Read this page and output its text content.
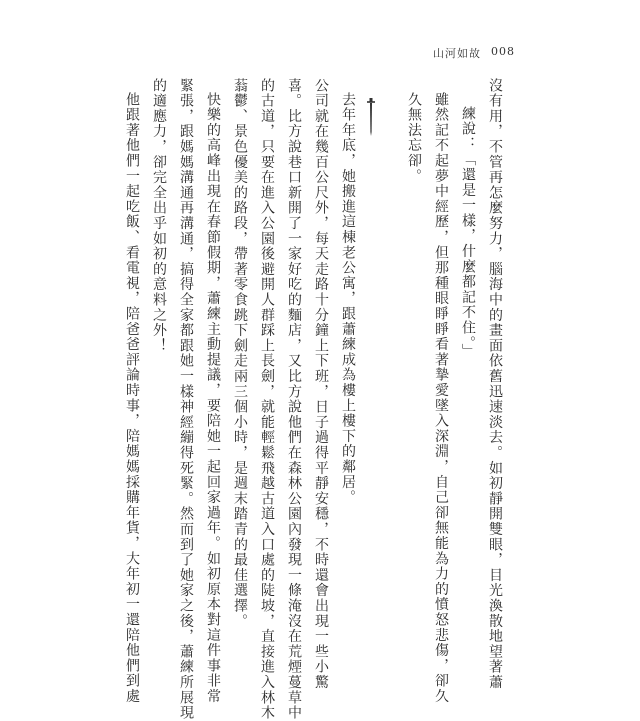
山河如故 008
沒有用，不管再怎麼努力，腦海中的畫面依舊迅速淡去。如初靜開雙眼，目光渙散地望著蕭
練說：「還是一樣，什麼都記不住。」
雖然記不起夢中經歷，但那種眼睜睜看著摯愛墜入深淵，自己卻無能為力的憤怒悲傷，卻久
久無法忘卻。
去年年底，她搬進這棟老公寓，跟蕭練成為樓上樓下的鄰居。
公司就在幾百公尺外，每天走路十分鐘上下班，日子過得平靜安穩，不時還會出現一些小驚
喜。比方說巷口新開了一家好吃的麵店，又比方說他們在森林公園內發現一條淹沒在荒煙蔓草中
的古道，只要在進入公園後避開人群踩上長劍，就能輕鬆飛越古道入口處的陡坡，直接進入林木
蓊鬱、景色優美的路段，帶著零食跳下劍走兩三個小時，是週末踏青的最佳選擇。
快樂的高峰出現在春節假期，蕭練主動提議，要陪她一起回家過年。如初原本對這件事非常
緊張，跟媽媽溝通再溝通，搞得全家都跟她一樣神經繃得死緊。然而到了她家之後，蕭練所展現
的適應力，卻完全出乎如初的意料之外！
他跟著他們一起吃飯、看電視，陪爸爸評論時事，陪媽媽採購年貨，大年初一還陪他們到處
